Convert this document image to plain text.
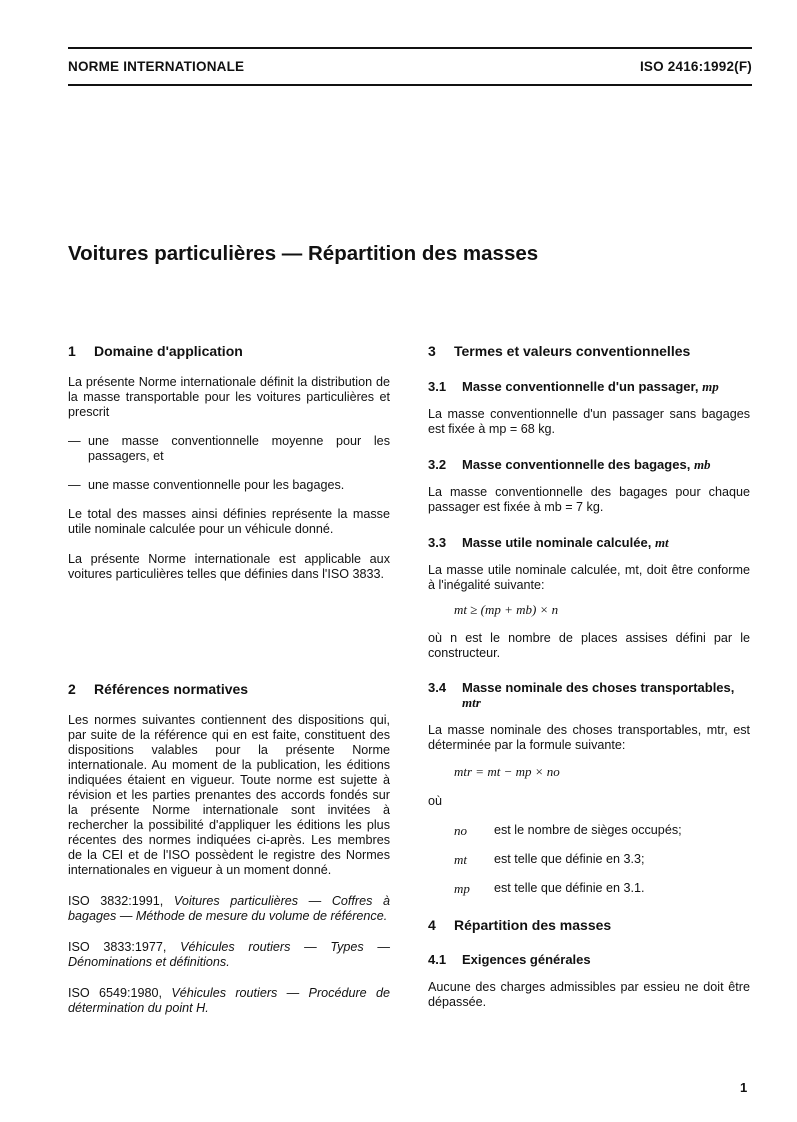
NORME INTERNATIONALE	ISO 2416:1992(F)
Voitures particulières — Répartition des masses
1 Domaine d'application

La présente Norme internationale définit la distribution de la masse transportable pour les voitures particulières et prescrit

— une masse conventionnelle moyenne pour les passagers, et
— une masse conventionnelle pour les bagages.

Le total des masses ainsi définies représente la masse utile nominale calculée pour un véhicule donné.

La présente Norme internationale est applicable aux voitures particulières telles que définies dans l'ISO 3833.

2 Références normatives

Les normes suivantes contiennent des dispositions qui, par suite de la référence qui en est faite, constituent des dispositions valables pour la présente Norme internationale. Au moment de la publication, les éditions indiquées étaient en vigueur. Toute norme est sujette à révision et les parties prenantes des accords fondés sur la présente Norme internationale sont invitées à rechercher la possibilité d'appliquer les éditions les plus récentes des normes indiquées ci-après. Les membres de la CEI et de l'ISO possèdent le registre des Normes internationales en vigueur à un moment donné.

ISO 3832:1991, Voitures particulières — Coffres à bagages — Méthode de mesure du volume de référence.

ISO 3833:1977, Véhicules routiers — Types — Dénominations et définitions.

ISO 6549:1980, Véhicules routiers — Procédure de détermination du point H.

3 Termes et valeurs conventionnelles
3.1 Masse conventionnelle d'un passager, mp

La masse conventionnelle d'un passager sans bagages est fixée à mp = 68 kg.

3.2 Masse conventionnelle des bagages, mb

La masse conventionnelle des bagages pour chaque passager est fixée à mb = 7 kg.

3.3 Masse utile nominale calculée, mt

La masse utile nominale calculée, mt, doit être conforme à l'inégalité suivante:

mt ≥ (mp + mb) × n

où n est le nombre de places assises défini par le constructeur.

3.4	Masse nominale des choses transportables, mtr

La masse nominale des choses transportables, mtr, est déterminée par la formule suivante:

mtr = mt − mp × no

où

no	est le nombre de sièges occupés;
mt	est telle que définie en 3.3;
mp	est telle que définie en 3.1.
4 Répartition des masses
4.1 Exigences générales

Aucune des charges admissibles par essieu ne doit être dépassée.

1
